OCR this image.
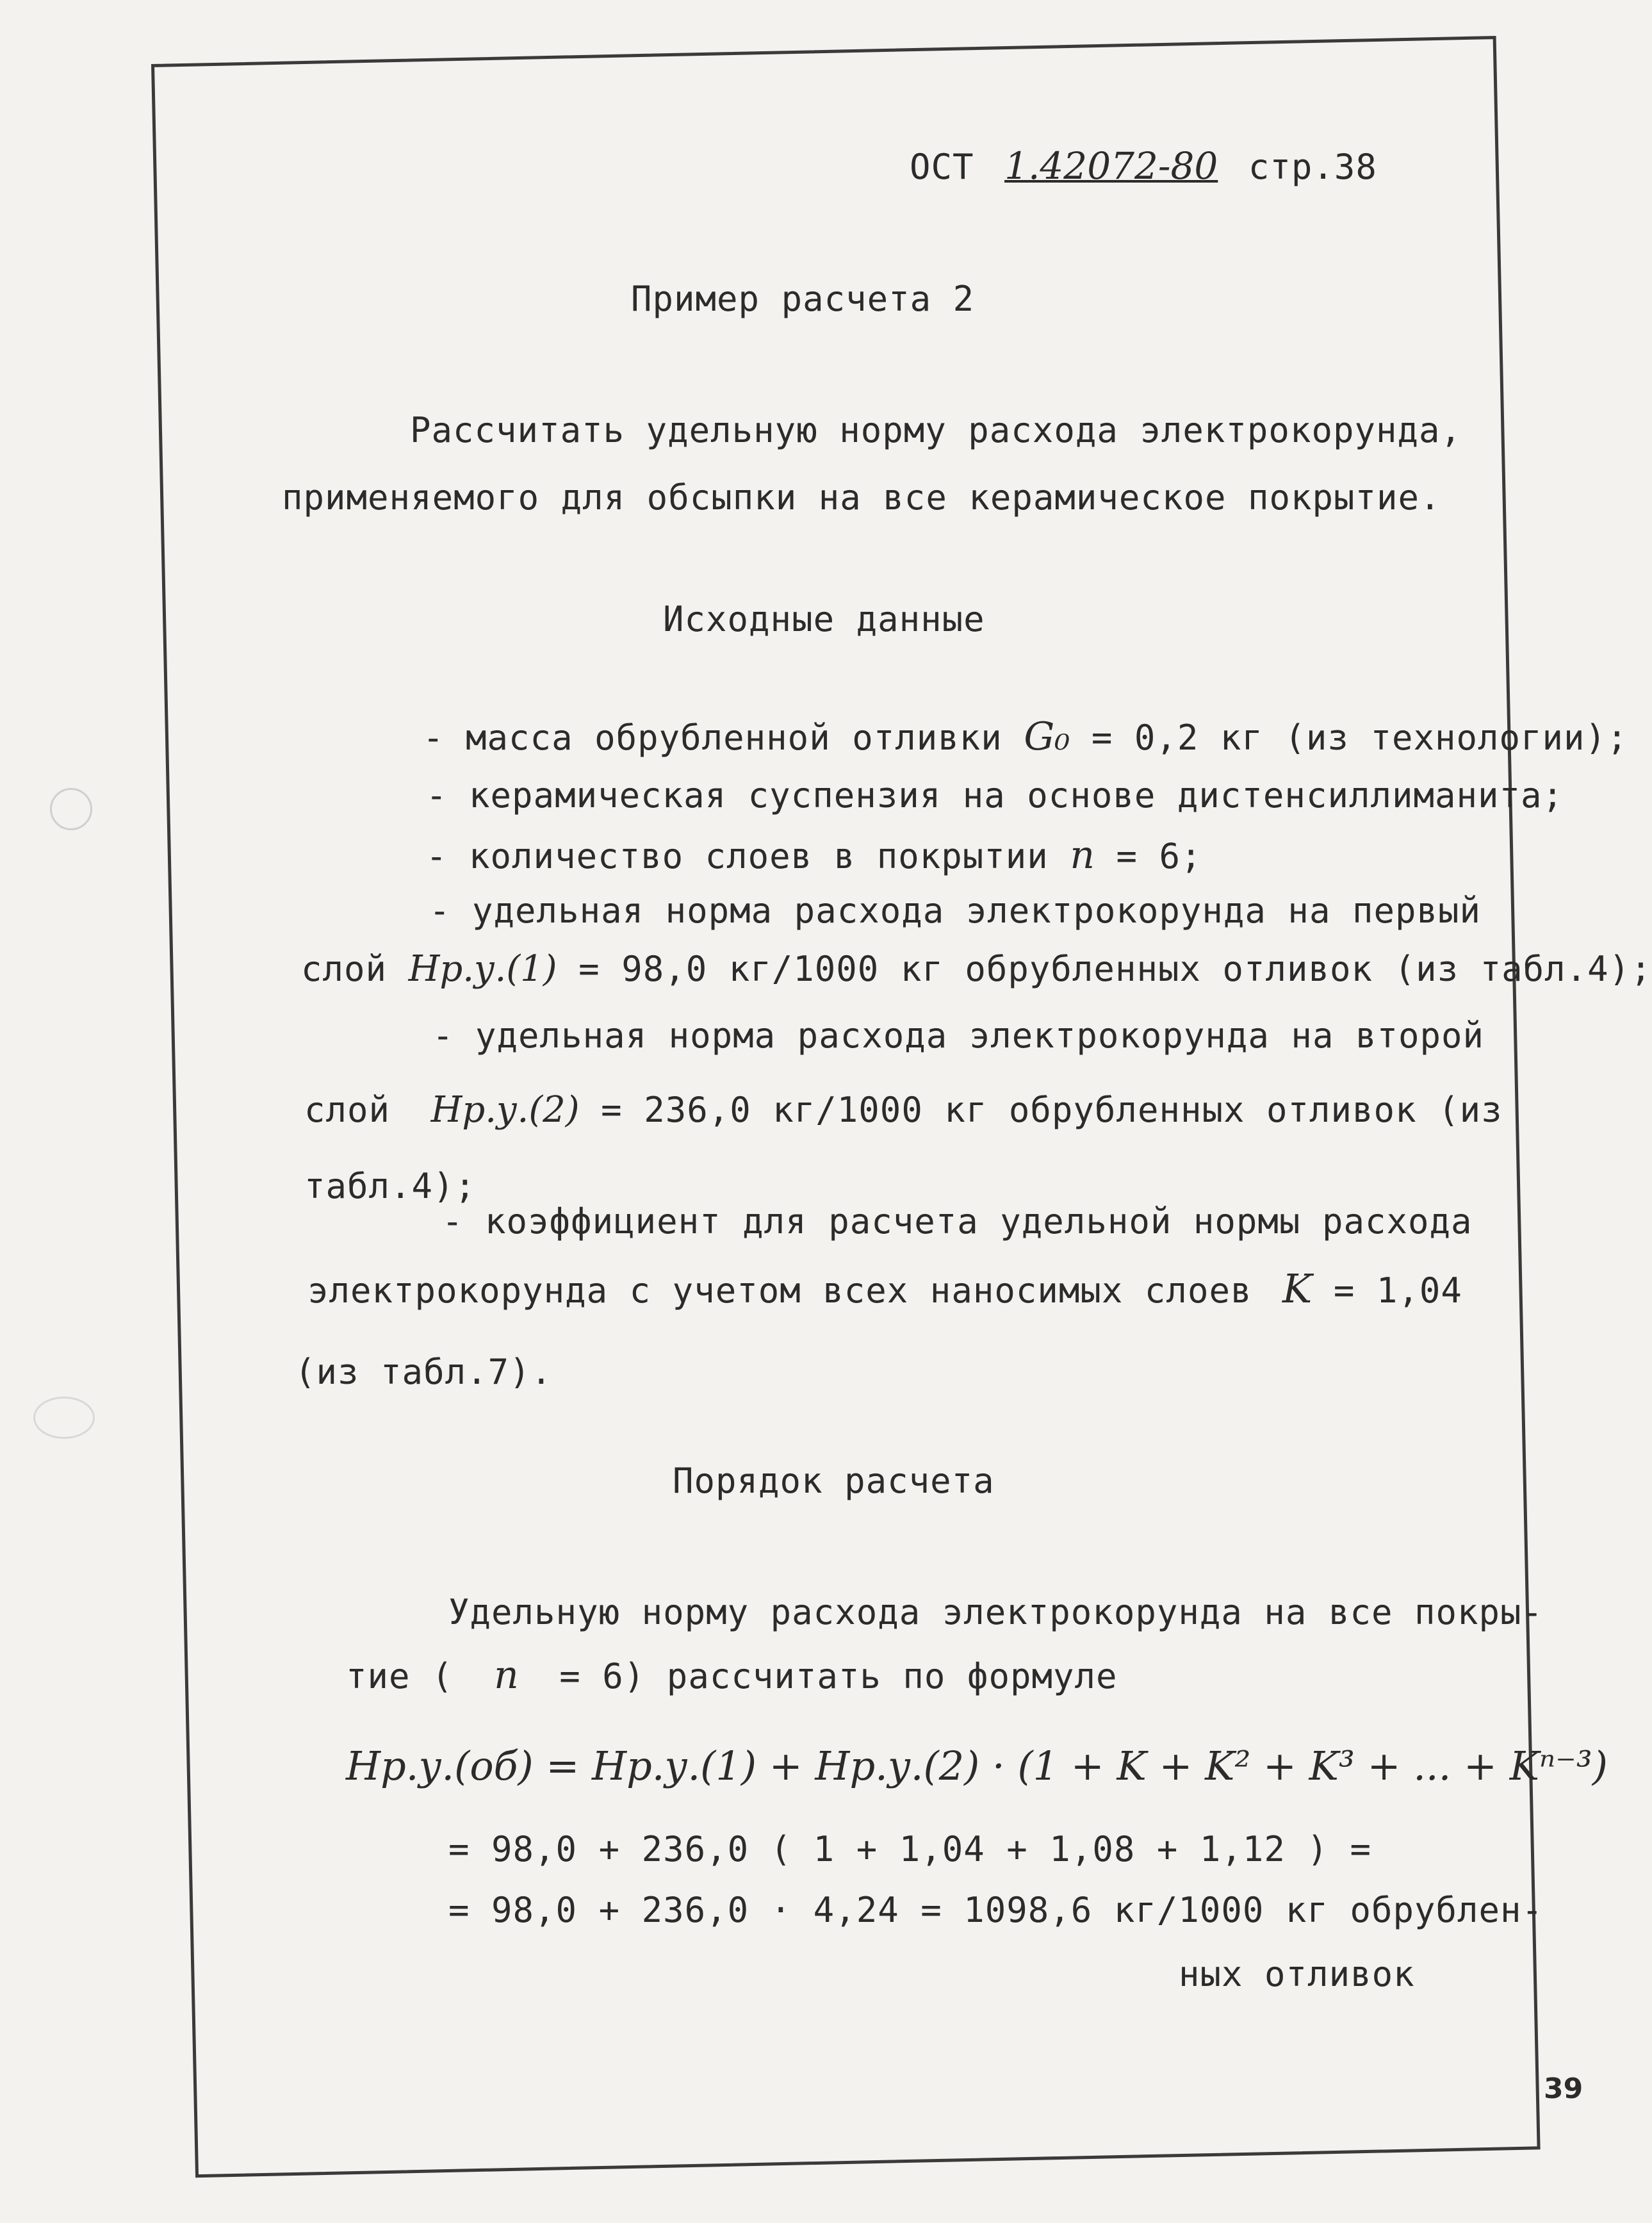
ОСТ 1.42072-80 стр.38
Пример расчета 2
Рассчитать удельную норму расхода электрокорунда,
применяемого для обсыпки на все керамическое покрытие.
Исходные данные
- масса обрубленной отливки G₀ = 0,2 кг (из технологии);
- керамическая суспензия на основе дистенсиллиманита;
- количество слоев в покрытии n = 6;
- удельная норма расхода электрокорунда на первый
слой Hр.у.(1) = 98,0 кг/1000 кг обрубленных отливок (из табл.4);
- удельная норма расхода электрокорунда на второй
слой Hр.у.(2) = 236,0 кг/1000 кг обрубленных отливок (из
табл.4);
- коэффициент для расчета удельной нормы расхода
электрокорунда с учетом всех наносимых слоев K = 1,04
(из табл.7).
Порядок расчета
Удельную норму расхода электрокорунда на все покры-
тие ( n = 6) рассчитать по формуле
Hр.у.(об) = Hр.у.(1) + Hр.у.(2) · (1 + K + K² + K³ + ... + Kⁿ⁻³)
= 98,0 + 236,0 ( 1 + 1,04 + 1,08 + 1,12 ) =
= 98,0 + 236,0 · 4,24 = 1098,6 кг/1000 кг обрублен-
ных отливок
39
